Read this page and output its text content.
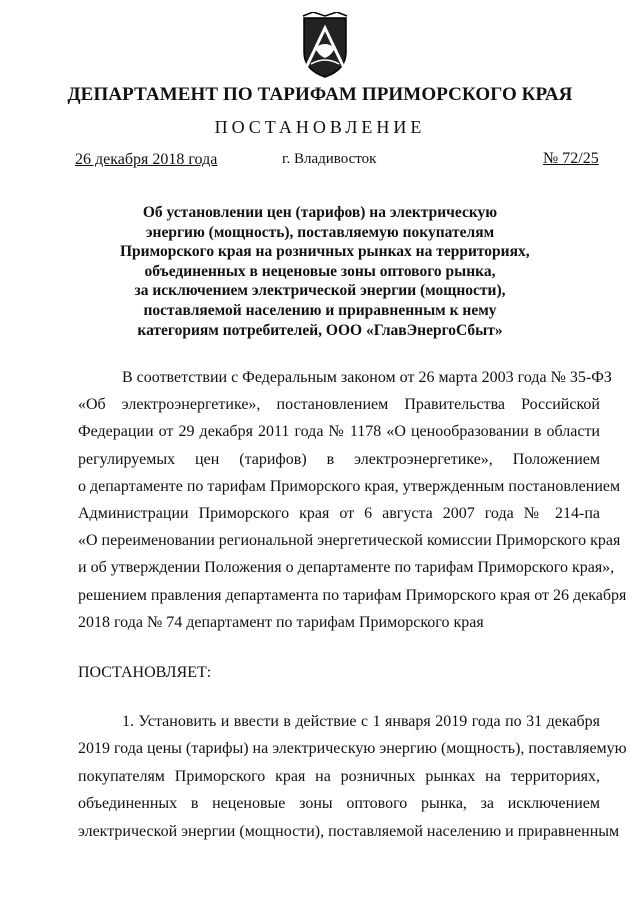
ДЕПАРТАМЕНТ ПО ТАРИФАМ ПРИМОРСКОГО КРАЯ
ПОСТАНОВЛЕНИЕ
26 декабря 2018 года	г. Владивосток	№ 72/25
Об установлении цен (тарифов) на электрическую
энергию (мощность), поставляемую покупателям
Приморского края на розничных рынках на территориях,
объединенных в неценовые зоны оптового рынка,
за исключением электрической энергии (мощности),
поставляемой населению и приравненным к нему
категориям потребителей, ООО «ГлавЭнергоСбыт»
В соответствии с Федеральным законом от 26 марта 2003 года № 35-ФЗ
«Об электроэнергетике», постановлением Правительства Российской
Федерации от 29 декабря 2011 года № 1178 «О ценообразовании в области
регулируемых цен (тарифов) в электроэнергетике», Положением
о департаменте по тарифам Приморского края, утвержденным постановлением
Администрации Приморского края от 6 августа 2007 года № 214-па
«О переименовании региональной энергетической комиссии Приморского края
и об утверждении Положения о департаменте по тарифам Приморского края»,
решением правления департамента по тарифам Приморского края от 26 декабря
2018 года № 74 департамент по тарифам Приморского края
ПОСТАНОВЛЯЕТ:
1. Установить и ввести в действие с 1 января 2019 года по 31 декабря
2019 года цены (тарифы) на электрическую энергию (мощность), поставляемую
покупателям Приморского края на розничных рынках на территориях,
объединенных в неценовые зоны оптового рынка, за исключением
электрической энергии (мощности), поставляемой населению и приравненным
